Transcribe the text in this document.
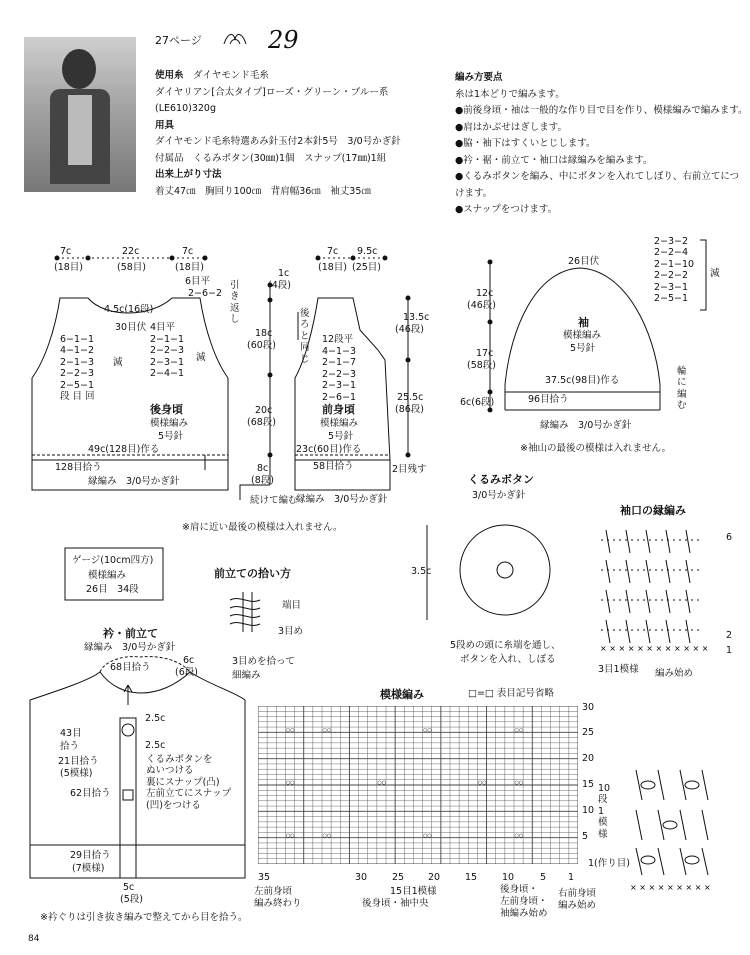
27ページ	29

使用糸　 ダイヤモンド毛糸

ダイヤリアン[合太タイプ]ローズ・グリーン・ブルー系

(LE610)320g

用具

ダイヤモンド毛糸特選あみ針玉付2本針5号　3/0号かぎ針

付属品　くるみボタン(30㎜)1個　スナップ(17㎜)1組

出来上がり寸法

着丈47㎝　胸回り100㎝　背肩幅36㎝　袖丈35㎝

編み方要点

糸は1本どりで編みます。

●前後身頃・袖は一般的な作り目で目を作り、模様編みで編みます。

●肩はかぶせはぎします。

●脇・袖下はすくいとじします。

●衿・裾・前立て・袖口は縁編みを編みます。

●くるみボタンを編み、中にボタンを入れてしぼり、右前立てにつ

けます。

●スナップをつけます。

7c	22c	7c
(18目)	(58目)	(18目)
6目平
2−6−2
引き返し
4.5c(16段)
30目伏 4目平
6−1−1
4−1−2
2−1−3
2−2−3
2−5−1
段 目 回
減
2−1−1
2−2−3
2−3−1
2−4−1
減
後身頃
模様編み
5号針
49c(128目)作る
128目拾う
縁編み　3/0号かぎ針
1c
(4段)
18c
(60段)
20c
(68段)
8c
(8段)
続けて編む
※肩に近い最後の模様は入れません。
7c 9.5c
(18目) (25目)
後ろと同じ
12段平
4−1−3
2−1−7
2−2−3
2−3−1
2−6−1
13.5c
(46段)
25.5c
(86段)
前身頃
模様編み
5号針
23c(60目)作る
58目拾う	2目残す
縁編み　3/0号かぎ針
26目伏
2−3−2
2−2−4
2−1−10
2−2−2
2−3−1
2−5−1
減
12c
(46段)
17c
(58段)
6c(6段)
袖
模様編み
5号針
37.5c(98目)作る
96目拾う
縁編み　3/0号かぎ針
輪に編む
※袖山の最後の模様は入れません。
くるみボタン
3/0号かぎ針
3.5c
5段めの頭に糸端を通し、
ボタンを入れ、しぼる
袖口の縁編み
× × × × × × × × × × × ×
6
2
1
3目1模様 編み始め
ゲージ(10cm四方)
模様編み
26目　34段
前立ての拾い方
端目
3目め
3目めを拾って
細編み
衿・前立て
縁編み　3/0号かぎ針
68目拾う
6c
(6段)
43目
拾う
21目拾う
(5模様)
62目拾う
2.5c
2.5c
くるみボタンを
ぬいつける
裏にスナップ(凸)
左前立てにスナップ
(凹)をつける
29目拾う
(7模様)
5c
(5段)
※衿ぐりは引き抜き編みで整えてから目を拾う。
模様編み	□=□ 表目記号省略
○○	○○	○○	○○
○○	○○	○○	○○
○○	○○	○○	○○
30
25
20
15
10
5
1(作り目)
10段1模様
35	30	25	20	15	10	5 1
15目1模様
後身頃・袖中央
左前身頃
編み終わり
後身頃・
左前身頃・
袖編み始め
右前身頃
編み始め
× × × × × × × × ×
84
